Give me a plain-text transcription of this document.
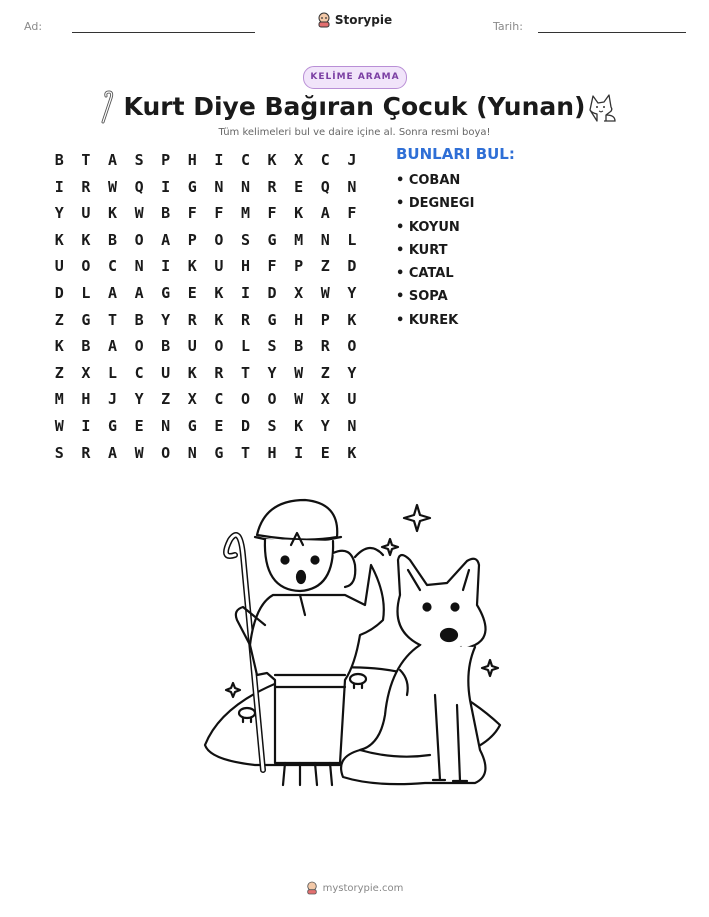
Ad:	Tarih:
Storypie
KELİME ARAMA
Kurt Diye Bağıran Çocuk (Yunan)
Tüm kelimeleri bul ve daire içine al. Sonra resmi boya!
B	T	A	S	P	H	I	C	K	X	C	J
I	R	W	Q	I	G	N	N	R	E	Q	N
Y	U	K	W	B	F	F	M	F	K	A	F
K	K	B	O	A	P	O	S	G	M	N	L
U	O	C	N	I	K	U	H	F	P	Z	D
D	L	A	A	G	E	K	I	D	X	W	Y
Z	G	T	B	Y	R	K	R	G	H	P	K
K	B	A	O	B	U	O	L	S	B	R	O
Z	X	L	C	U	K	R	T	Y	W	Z	Y
M	H	J	Y	Z	X	C	O	O	W	X	U
W	I	G	E	N	G	E	D	S	K	Y	N
S	R	A	W	O	N	G	T	H	I	E	K
BUNLARI BUL:
• COBAN
• DEGNEGI
• KOYUN
• KURT
• CATAL
• SOPA
• KUREK
mystorypie.com
